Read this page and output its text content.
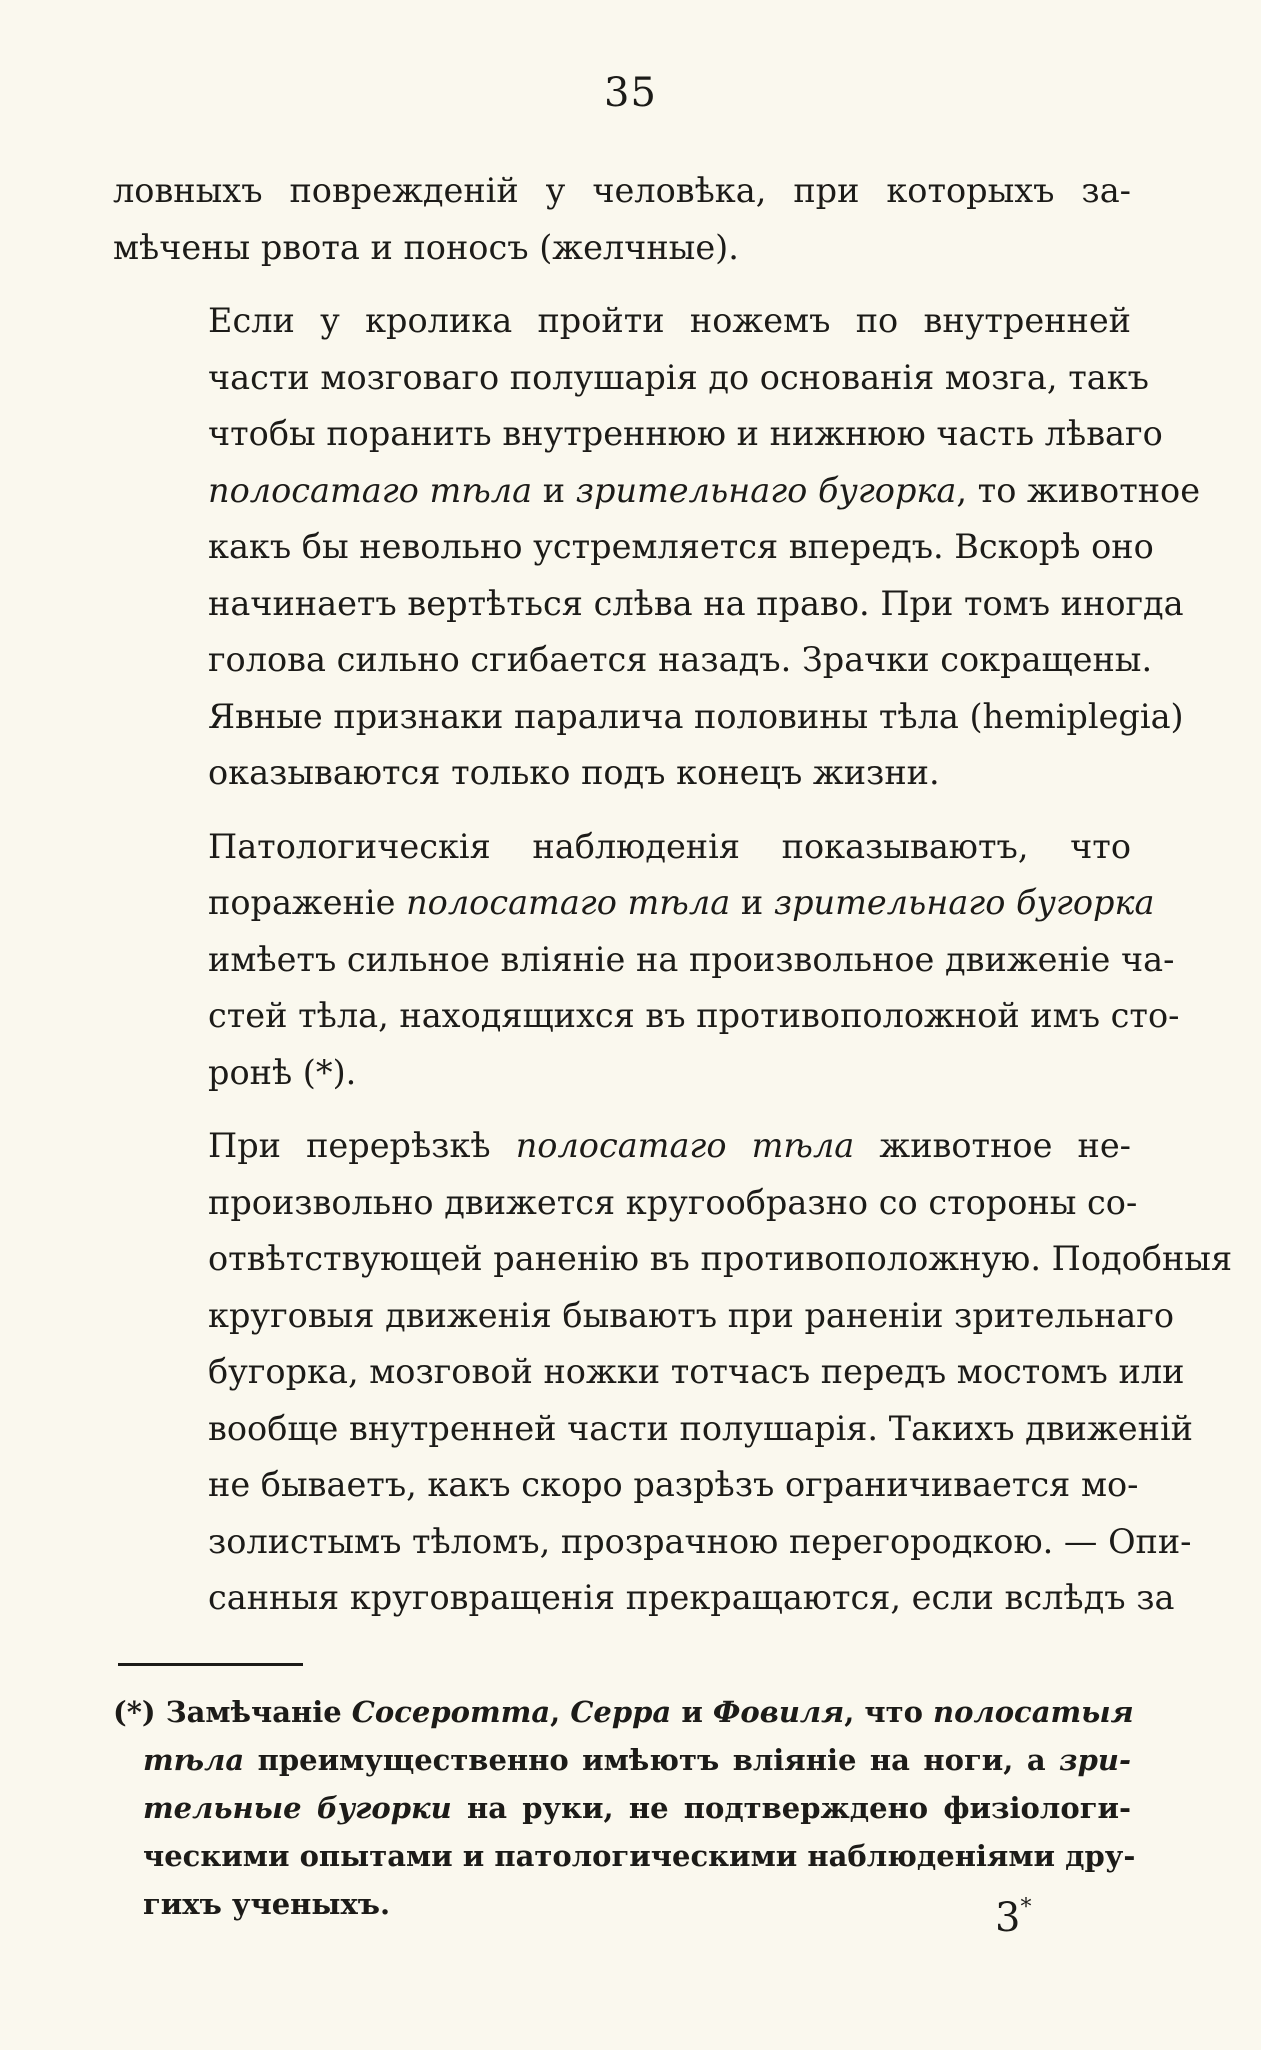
35

ловныхъ поврежденій у человѣка, при которыхъ за-
мѣчены рвота и поносъ (желчные).

Если у кролика пройти ножемъ по внутренней
части мозговаго полушарія до основанія мозга, такъ
чтобы поранить внутреннюю и нижнюю часть лѣваго
полосатаго тѣла и зрительнаго бугорка, то животное
какъ бы невольно устремляется впередъ. Вскорѣ оно
начинаетъ вертѣться слѣва на право. При томъ иногда
голова сильно сгибается назадъ. Зрачки сокращены.
Явные признаки паралича половины тѣла (hemiplegia)
оказываются только подъ конецъ жизни.

Патологическія наблюденія показываютъ, что
пораженіе полосатаго тѣла и зрительнаго бугорка
имѣетъ сильное вліяніе на произвольное движеніе ча-
стей тѣла, находящихся въ противоположной имъ сто-
ронѣ (*).

При перерѣзкѣ полосатаго тѣла животное не-
произвольно движется кругообразно со стороны со-
отвѣтствующей раненію въ противоположную. Подобныя
круговыя движенія бываютъ при раненіи зрительнаго
бугорка, мозговой ножки тотчасъ передъ мостомъ или
вообще внутренней части полушарія. Такихъ движеній
не бываетъ, какъ скоро разрѣзъ ограничивается мо-
золистымъ тѣломъ, прозрачною перегородкою. — Опи-
санныя круговращенія прекращаются, если вслѣдъ за

(*) Замѣчаніе Сосеротта, Серра и Фовиля, что полосатыя
тѣла преимущественно имѣютъ вліяніе на ноги, а зри-
тельные бугорки на руки, не подтверждено физіологи-
ческими опытами и патологическими наблюденіями дру-
гихъ ученыхъ.	3*
